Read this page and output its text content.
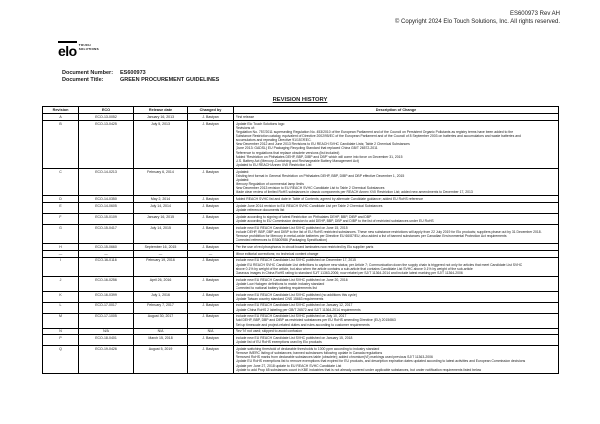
ES600973 Rev AH
© Copyright 2024 Elo Touch Solutions, Inc. All rights reserved.
elo TOUCH
SOLUTIONS
Document Number:	ES600973
Document Title:	GREEN PROCUREMENT GUIDELINES
REVISION HISTORY
Revision	ECO	Release date	Changed by	Description of Change
A	ECO-13-0052	January 16, 2013	J. Bastyan	First release

B	ECO-13-0425	July 5, 2013	J. Bastyan	Update Elo Touch Solutions logo
Revisions of:
Regulation No. 757/2011 superseding Regulation No. 453/2010 of the European Parliament and of the Council on Persistent Organic Pollutants as registry terms have been added to the
Substance Restriction catalog; equivalent of Directive 2002/95/EC of the European Parliament and of the Council of 8 September 2003 on batteries and accumulators and waste batteries and
accumulators and repealing Directive 91/157/EEC.
New December 2012 and June 2013 Revisions to EU REACH SVHC Candidate Lists; Table 2 Chemical Substances
(June 2013: GADSL) EU Packaging Recycling Standard that replaced China GB/T 26572-2011
Reference to regulations that replace obsolete versions (list included)
Added 'Restriction on Phthalates DEHP, BBP, DIBP and DBP' which will come into force on December 31, 2015
U.S. Battery Act (Mercury-Containing and Rechargeable Battery Management Act)
Updated to EU REACH Annex XVII Restriction List

C	ECO-14-0213	February 6, 2014	J. Bastyan	Updated:
Existing text format in General Restriction on Phthalates DEHP, BBP, DIBP and DBP effective December 1, 2015
Updated:
Mercury Regulation of commercial lamp limits
New December 2013 revision to EU REACH SVHC Candidate List to Table 2 Chemical Substances
Made clear review of limited RoHS substances in classic components per REACH Annex XVII Restriction List; added new amendments to December 17, 2013

D	ECO-14-0350	May 2, 2014	J. Bastyan	Added REACH SVHC list and date in Table of Contents; agreed by alternate Candidate guidance; added EU RoHS reference

E	ECO-14-0605	July 14, 2014	J. Bastyan	Update June 2014 revision to EU REACH SVHC Candidate List per Table 2 Chemical Substances
Update reference documents list

F	ECO-15-0109	January 16, 2015	J. Bastyan	Update according to signing of latest Restriction on Phthalates DEHP, BBP, DIBP and DBP
Update according to EU Commission decision to add DEHP, BBP, DBP and DIBP to the list of restricted substances under EU RoHS

G	ECO-15-0417	July 14, 2015	J. Bastyan	Include new EU REACH Candidate List SVHC published on June 15, 2015
Include DEHP, BBP, DBP and DIBP to the list of EU RoHS restricted substances. These new substance restrictions will apply from 22 July 2019 for Elo products; suppliers phase out by 31 December 2018.
Remove prohibition for Mercury in metal-oxide batteries per Directive EU 66/87/EU; also added a list of banned substances per Canadian Environmental Protection Act requirements
Corrected references to ES600986 (Packaging Specification)

H	ECO-15-0660	September 16, 2015	J. Bastyan	Per the use of red phosphorus in circuit board laminates now restricted by Elo supplier parts

—	—	—	—	Minor editorial corrections; no technical content change

I	ECO-16-0116	February 19, 2016	J. Bastyan	Include new EU REACH Candidate List SVHC published on December 17, 2015
Update EU REACH SVHC Candidate List definitions to capture new status; per Article 7; Communication down the supply chain is triggered not only for articles that meet Candidate List SVHC
above 0.1% by weight of the article, but also when the article contains a sub-article that contains Candidate List SVHC above 0.1% by weight of the sub-article
Gaseous images in China RoHS rating to standard SJ/T 11363-2006; now relabel per SJ/T 11364-2014 and include latest marking per SJ/T 11364-2006

J	ECO-16-0256	April 26, 2016	J. Bastyan	Include new EU REACH Candidate List SVHC published on June 20, 2016
Update Low Halogen definitions to match industry standard
Corrected to national battery labeling requirements list

K	ECO-16-0399	July 1, 2016	J. Bastyan	Include new EU REACH Candidate List SVHC published (no additions this cycle)
Update Taiwan country standard CNS 15663 requirements

L	ECO-17-0017	February 7, 2017	J. Bastyan	Include new EU REACH Candidate List SVHC published on January 12, 2017
Update China RoHS 2 labeling per GB/T 26572 and SJ/T 11364-2014 requirements

M	ECO-17-1005	August 30, 2017	J. Bastyan	Include new EU REACH Candidate List SVHC published on July 10, 2017
Add DEHP, BBP, DBP and DIBP as restricted substances per EU RoHS amending Directive (EU) 2015/863
Set up timescale and project-related duties and rules according to customer requirements

N	N/A	N/A	N/A	Rev 'N' not used; skipped to avoid confusion

P	ECO-18-0401	March 15, 2018	J. Bastyan	Include new EU REACH Candidate List SVHC published on January 15, 2018
Update list of EU RoHS exemptions used by Elo products

Q	ECO-19-0426	August 5, 2019	J. Bastyan	Update switching threshold of declarable thresholds to 1000 ppm according to industry standard
Remove IMERC listing of substances; banned substances following update in Canada regulations
Removed RoHS marks from declarable substances table (obsolete); added chromium(VI) markings used previous SJ/T 11363-2006
Update EU RoHS exemptions list to remove exemptions that expired for EU products, and description expiration dates updated according to latest activities and European Commission decisions
Update per June 27, 2018 update to EU REACH SVHC Candidate List
Update to add Prop 65 substances count in KBE industries that is not already covered under applicable substances, but under notification requirements listed below
